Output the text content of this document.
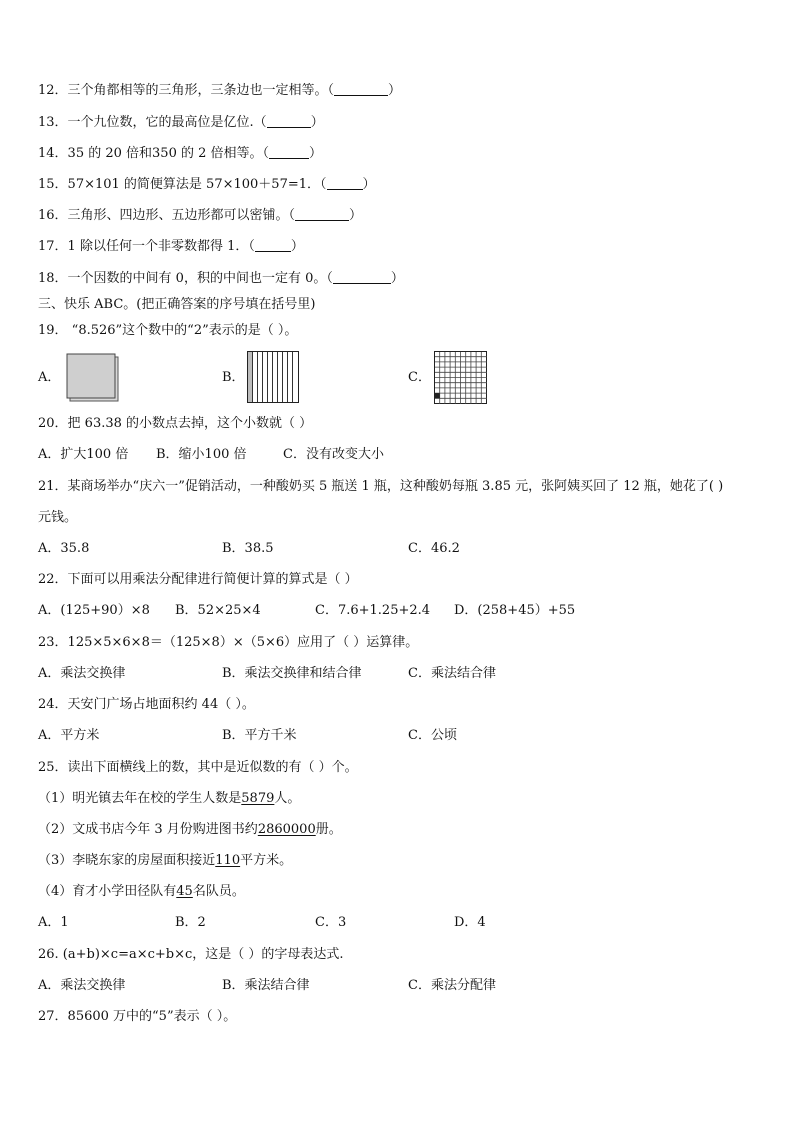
12．三个角都相等的三角形，三条边也一定相等。（	）
13．一个九位数，它的最高位是亿位.（	）
14．35 的 20 倍和350 的 2 倍相等。（	）
15．57×101 的简便算法是 57×100＋57=1．（	）
16．三角形、四边形、五边形都可以密铺。（	）
17．1 除以任何一个非零数都得 1．（	）
18．一个因数的中间有 0，积的中间也一定有 0。（	）
三、快乐 ABC。(把正确答案的序号填在括号里)
19． “8.526”这个数中的“2”表示的是（ ）。
A．	B．	C．
20．把 63.38 的小数点去掉，这个小数就（ ）
A．扩大100 倍 B．缩小100 倍	C．没有改变大小
21．某商场举办“庆六一”促销活动，一种酸奶买 5 瓶送 1 瓶，这种酸奶每瓶 3.85 元，张阿姨买回了 12 瓶，她花了( )
元钱。
A．35.8	B．38.5	C．46.2
22．下面可以用乘法分配律进行简便计算的算式是（ ）
A．(125+90）×8 B．52×25×4	C．7.6+1.25+2.4 D．(258+45）+55
23．125×5×6×8＝（125×8）×（5×6）应用了（ ）运算律。
A．乘法交换律	B．乘法交换律和结合律	C．乘法结合律
24．天安门广场占地面积约 44（ ）。
A．平方米	B．平方千米	C．公顷
25．读出下面横线上的数，其中是近似数的有（ ）个。
（1）明光镇去年在校的学生人数是5879人。
（2）文成书店今年 3 月份购进图书约2860000册。
（3）李晓东家的房屋面积接近110平方米。
（4）育才小学田径队有45名队员。
A．1	B．2	C．3	D．4
26. (a+b)×c=a×c+b×c，这是（ ）的字母表达式.
A．乘法交换律	B．乘法结合律	C．乘法分配律
27．85600 万中的“5”表示（ ）。
